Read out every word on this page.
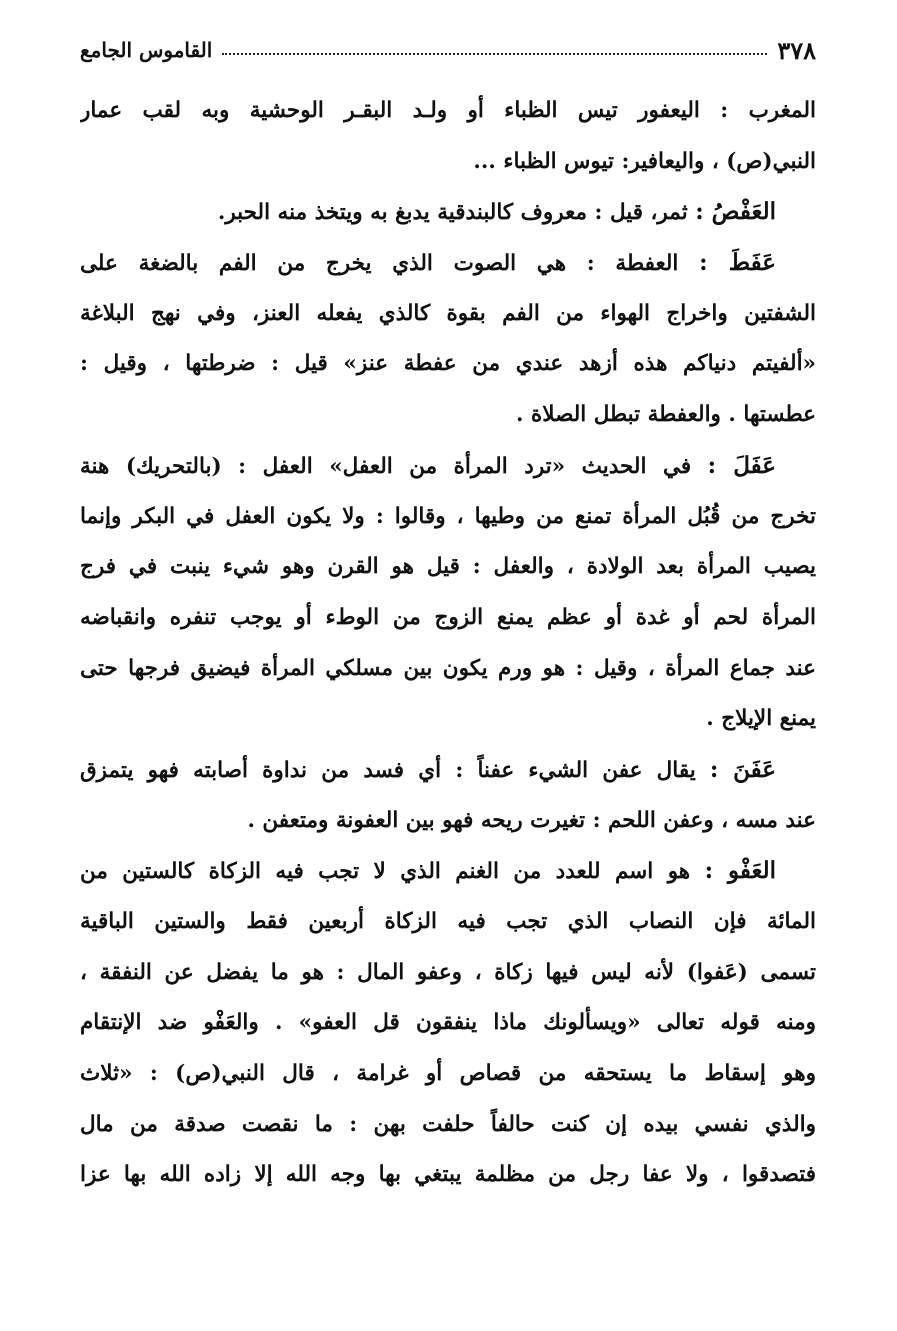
٣٧٨
القاموس الجامع
المغرب : اليعفور تيس الظباء أو ولـد البقـر الوحشية وبه لقب عمار
النبي(ص) ، واليعافير: تيوس الظباء ...
العَفْصُ : ثمر، قيل : معروف كالبندقية يدبغ به ويتخذ منه الحبر.
عَفَطَ : العفطة : هي الصوت الذي يخرج من الفم بالضغة على
الشفتين واخراج الهواء من الفم بقوة كالذي يفعله العنز، وفي نهج البلاغة
«ألفيتم دنياكم هذه أزهد عندي من عفطة عنز» قيل : ضرطتها ، وقيل :
عطستها . والعفطة تبطل الصلاة .
عَفَلَ : في الحديث «ترد المرأة من العفل» العفل : (بالتحريك) هنة
تخرج من قُبُل المرأة تمنع من وطيها ، وقالوا : ولا يكون العفل في البكر وإنما
يصيب المرأة بعد الولادة ، والعفل : قيل هو القرن وهو شيء ينبت في فرج
المرأة لحم أو غدة أو عظم يمنع الزوج من الوطء أو يوجب تنفره وانقباضه
عند جماع المرأة ، وقيل : هو ورم يكون بين مسلكي المرأة فيضيق فرجها حتى
يمنع الإيلاج .
عَفَنَ : يقال عفن الشيء عفناً : أي فسد من نداوة أصابته فهو يتمزق
عند مسه ، وعفن اللحم : تغيرت ريحه فهو بين العفونة ومتعفن .
العَفْو : هو اسم للعدد من الغنم الذي لا تجب فيه الزكاة كالستين من
المائة فإن النصاب الذي تجب فيه الزكاة أربعين فقط والستين الباقية
تسمى (عَفوا) لأنه ليس فيها زكاة ، وعفو المال : هو ما يفضل عن النفقة ،
ومنه قوله تعالى «ويسألونك ماذا ينفقون قل العفو» . والعَفْو ضد الإنتقام
وهو إسقاط ما يستحقه من قصاص أو غرامة ، قال النبي(ص) : «ثلاث
والذي نفسي بيده إن كنت حالفاً حلفت بهن : ما نقصت صدقة من مال
فتصدقوا ، ولا عفا رجل من مظلمة يبتغي بها وجه الله إلا زاده الله بها عزا
